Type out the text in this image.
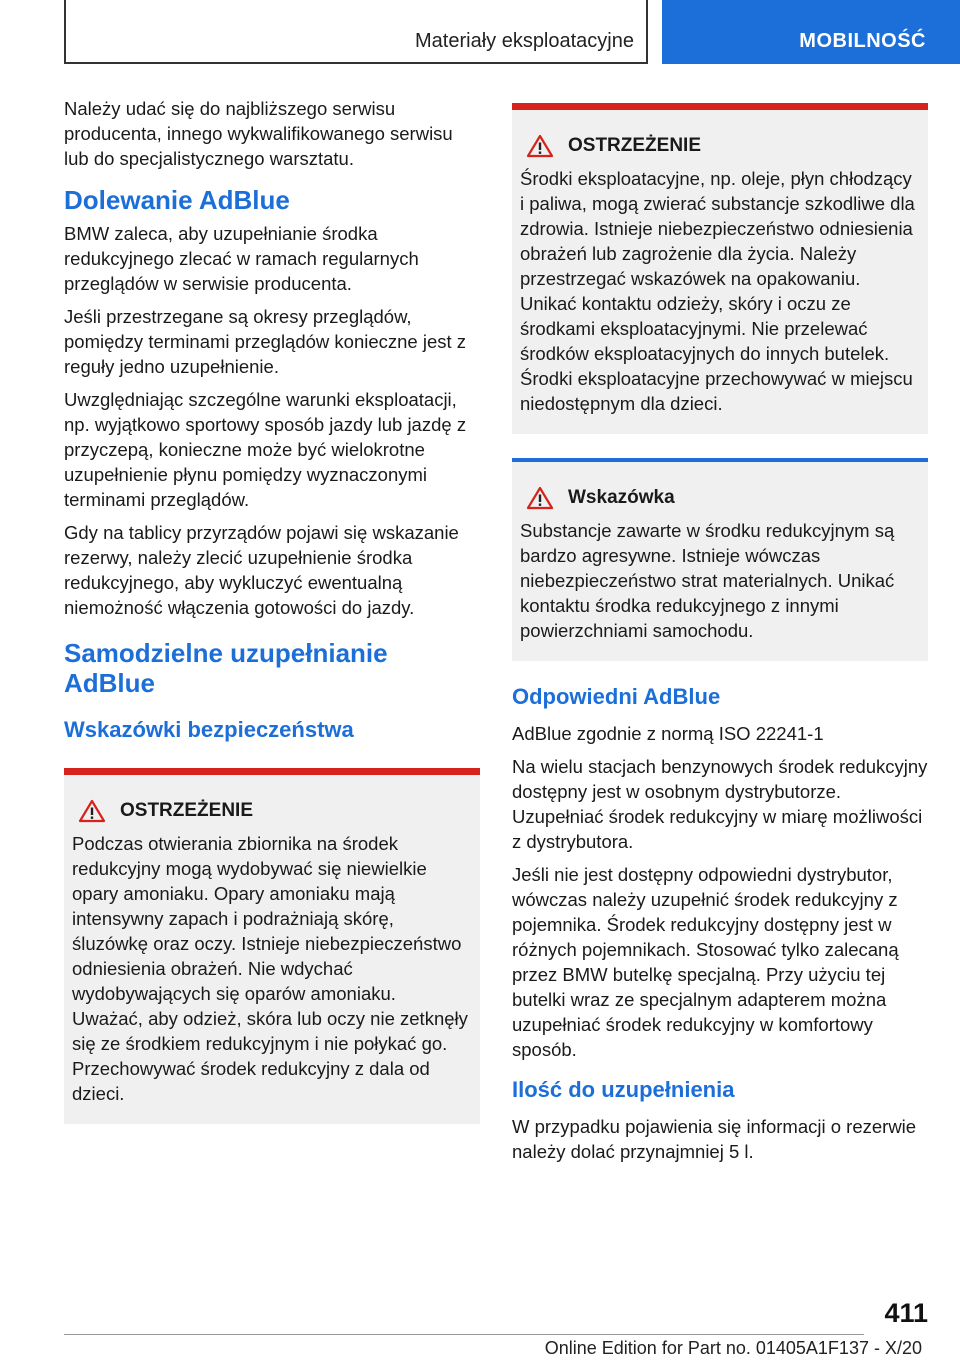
Materiały eksploatacyjne	MOBILNOŚĆ

Należy udać się do najbliższego serwisu producenta, innego wykwalifikowanego serwisu lub do specjalistycznego warsztatu.

Dolewanie AdBlue

BMW zaleca, aby uzupełnianie środka redukcyjnego zlecać w ramach regularnych przeglądów w serwisie producenta.

Jeśli przestrzegane są okresy przeglądów, pomiędzy terminami przeglądów konieczne jest z reguły jedno uzupełnienie.

Uwzględniając szczególne warunki eksploatacji, np. wyjątkowo sportowy sposób jazdy lub jazdę z przyczepą, konieczne może być wielokrotne uzupełnienie płynu pomiędzy wyznaczonymi terminami przeglądów.

Gdy na tablicy przyrządów pojawi się wskazanie rezerwy, należy zlecić uzupełnienie środka redukcyjnego, aby wykluczyć ewentualną niemożność włączenia gotowości do jazdy.

Samodzielne uzupełnianie AdBlue
Wskazówki bezpieczeństwa
OSTRZEŻENIE

Podczas otwierania zbiornika na środek redukcyjny mogą wydobywać się niewielkie opary amoniaku. Opary amoniaku mają intensywny zapach i podrażniają skórę, śluzówkę oraz oczy. Istnieje niebezpieczeństwo odniesienia obrażeń. Nie wdychać wydobywających się oparów amoniaku. Uważać, aby odzież, skóra lub oczy nie zetknęły się ze środkiem redukcyjnym i nie połykać go. Przechowywać środek redukcyjny z dala od dzieci.

OSTRZEŻENIE

Środki eksploatacyjne, np. oleje, płyn chłodzący i paliwa, mogą zwierać substancje szkodliwe dla zdrowia. Istnieje niebezpieczeństwo odniesienia obrażeń lub zagrożenie dla życia. Należy przestrzegać wskazówek na opakowaniu. Unikać kontaktu odzieży, skóry i oczu ze środkami eksploatacyjnymi. Nie przelewać środków eksploatacyjnych do innych butelek. Środki eksploatacyjne przechowywać w miejscu niedostępnym dla dzieci.

Wskazówka

Substancje zawarte w środku redukcyjnym są bardzo agresywne. Istnieje wówczas niebezpieczeństwo strat materialnych. Unikać kontaktu środka redukcyjnego z innymi powierzchniami samochodu.

Odpowiedni AdBlue

AdBlue zgodnie z normą ISO 22241-1

Na wielu stacjach benzynowych środek redukcyjny dostępny jest w osobnym dystrybutorze. Uzupełniać środek redukcyjny w miarę możliwości z dystrybutora.

Jeśli nie jest dostępny odpowiedni dystrybutor, wówczas należy uzupełnić środek redukcyjny z pojemnika. Środek redukcyjny dostępny jest w różnych pojemnikach. Stosować tylko zalecaną przez BMW butelkę specjalną. Przy użyciu tej butelki wraz ze specjalnym adapterem można uzupełniać środek redukcyjny w komfortowy sposób.

Ilość do uzupełnienia

W przypadku pojawienia się informacji o rezerwie należy dolać przynajmniej 5 l.

411
Online Edition for Part no. 01405A1F137 - X/20
